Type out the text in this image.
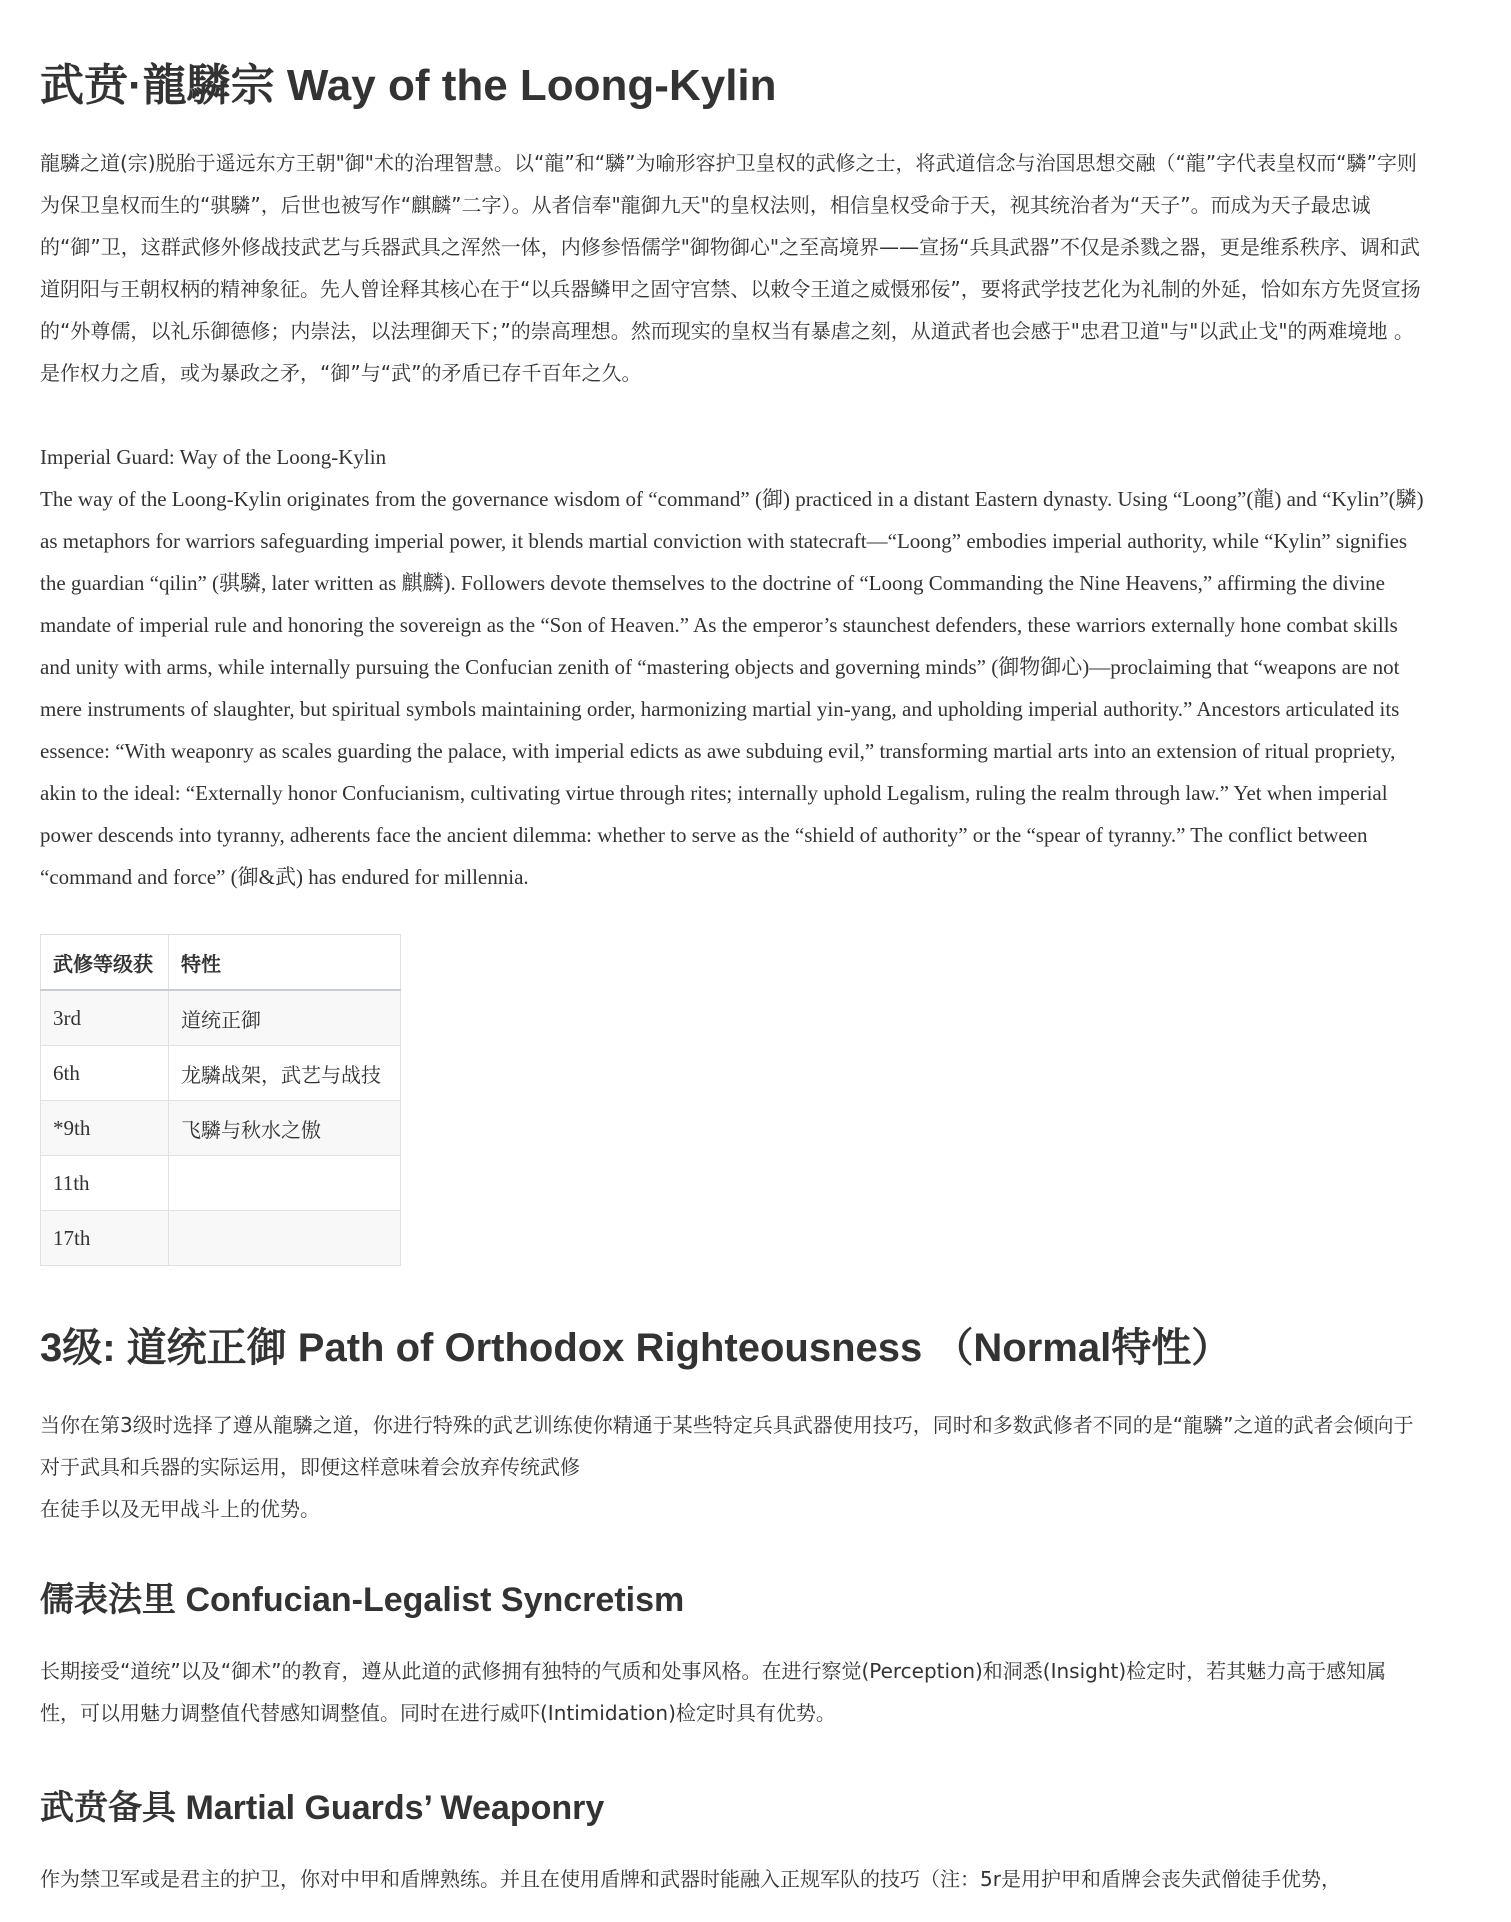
武贲·龍驎宗 Way of the Loong-Kylin

龍驎之道(宗)脱胎于遥远东方王朝"御"术的治理智慧。以“龍”和“驎”为喻形容护卫皇权的武修之士，将武道信念与治国思想交融（“龍”字代表皇权而“驎”字则为保卫皇权而生的“骐驎”，后世也被写作“麒麟”二字）。从者信奉"龍御九天"的皇权法则，相信皇权受命于天，视其统治者为“天子”。而成为天子最忠诚的“御”卫，这群武修外修战技武艺与兵器武具之浑然一体，内修参悟儒学"御物御心"之至高境界——宣扬“兵具武器”不仅是杀戮之器，更是维系秩序、调和武道阴阳与王朝权柄的精神象征。先人曾诠释其核心在于“以兵器鳞甲之固守宫禁、以敕令王道之威慑邪佞”，要将武学技艺化为礼制的外延，恰如东方先贤宣扬的“外尊儒，以礼乐御德修；内崇法，以法理御天下；”的崇高理想。然而现实的皇权当有暴虐之刻，从道武者也会感于"忠君卫道"与"以武止戈"的两难境地 。是作权力之盾，或为暴政之矛，“御”与“武”的矛盾已存千百年之久。

Imperial Guard: Way of the Loong-Kylin

The way of the Loong-Kylin originates from the governance wisdom of “command” (御) practiced in a distant Eastern dynasty. Using “Loong”(龍) and “Kylin”(驎) as metaphors for warriors safeguarding imperial power, it blends martial conviction with statecraft—“Loong” embodies imperial authority, while “Kylin” signifies the guardian “qilin” (骐驎, later written as 麒麟). Followers devote themselves to the doctrine of “Loong Commanding the Nine Heavens,” affirming the divine mandate of imperial rule and honoring the sovereign as the “Son of Heaven.” As the emperor’s staunchest defenders, these warriors externally hone combat skills and unity with arms, while internally pursuing the Confucian zenith of “mastering objects and governing minds” (御物御心)—proclaiming that “weapons are not mere instruments of slaughter, but spiritual symbols maintaining order, harmonizing martial yin-yang, and upholding imperial authority.” Ancestors articulated its essence: “With weaponry as scales guarding the palace, with imperial edicts as awe subduing evil,” transforming martial arts into an extension of ritual propriety, akin to the ideal: “Externally honor Confucianism, cultivating virtue through rites; internally uphold Legalism, ruling the realm through law.” Yet when imperial power descends into tyranny, adherents face the ancient dilemma: whether to serve as the “shield of authority” or the “spear of tyranny.” The conflict between “command and force” (御&武) has endured for millennia.

武修等级获	特性
3rd	道统正御
6th	龙驎战架，武艺与战技
*9th	飞驎与秋水之傲
11th	
17th	
3级: 道统正御 Path of Orthodox Righteousness （Normal特性）

当你在第3级时选择了遵从龍驎之道，你进行特殊的武艺训练使你精通于某些特定兵具武器使用技巧，同时和多数武修者不同的是“龍驎”之道的武者会倾向于对于武具和兵器的实际运用，即便这样意味着会放弃传统武修

在徒手以及无甲战斗上的优势。

儒表法里 Confucian-Legalist Syncretism

长期接受“道统”以及“御术”的教育，遵从此道的武修拥有独特的气质和处事风格。在进行察觉(Perception)和洞悉(Insight)检定时，若其魅力高于感知属性，可以用魅力调整值代替感知调整值。同时在进行威吓(Intimidation)检定时具有优势。

武贲备具 Martial Guards’ Weaponry

作为禁卫军或是君主的护卫，你对中甲和盾牌熟练。并且在使用盾牌和武器时能融入正规军队的技巧（注：5r是用护甲和盾牌会丧失武僧徒手优势，
